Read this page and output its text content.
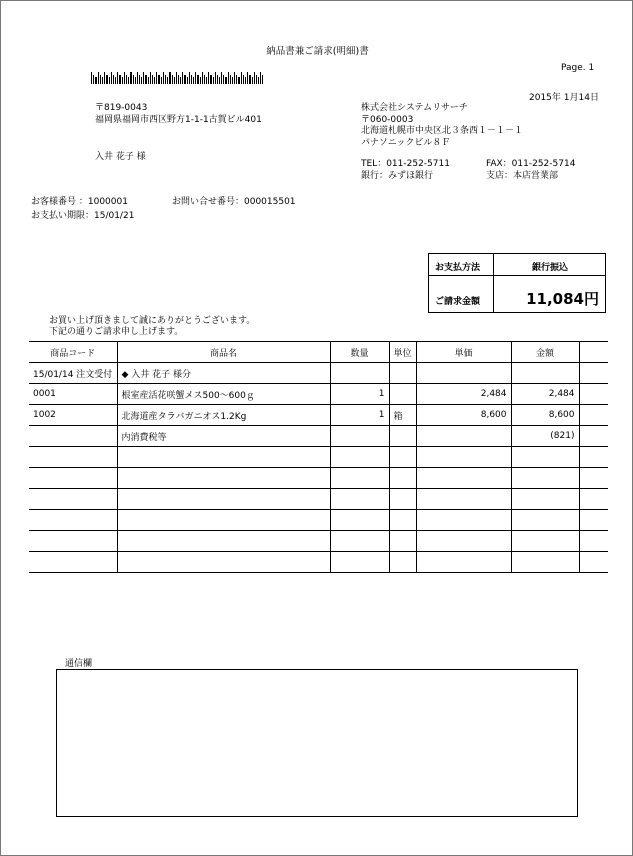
納品書兼ご請求(明細)書
Page. 1
2015年 1月14日
〒819-0043
福岡県福岡市西区野方1-1-1古賀ビル401
入井 花子 様
株式会社システムリサーチ
〒060-0003
北海道札幌市中央区北３条西１－１－１
パナソニックビル８Ｆ
TEL：011-252-5711	FAX：011-252-5714
銀行：みずほ銀行	支店：本店営業部
お客様番号 ：1000001	お問い合せ番号：000015501
お支払い期限：15/01/21
お支払方法	銀行振込
ご請求金額	11,084円
お買い上げ頂きまして誠にありがとうございます。
下記の通りご請求申し上げます。
商品コード	商品名	数量	単位	単価	金額	
15/01/14 注文受付	◆ 入井 花子 様分					
0001	根室産活花咲蟹メス500～600ｇ	1		2,484	2,484	
1002	北海道産タラバガニオス1.2Kg	1	箱	8,600	8,600	
	内消費税等				(821)	

通信欄
